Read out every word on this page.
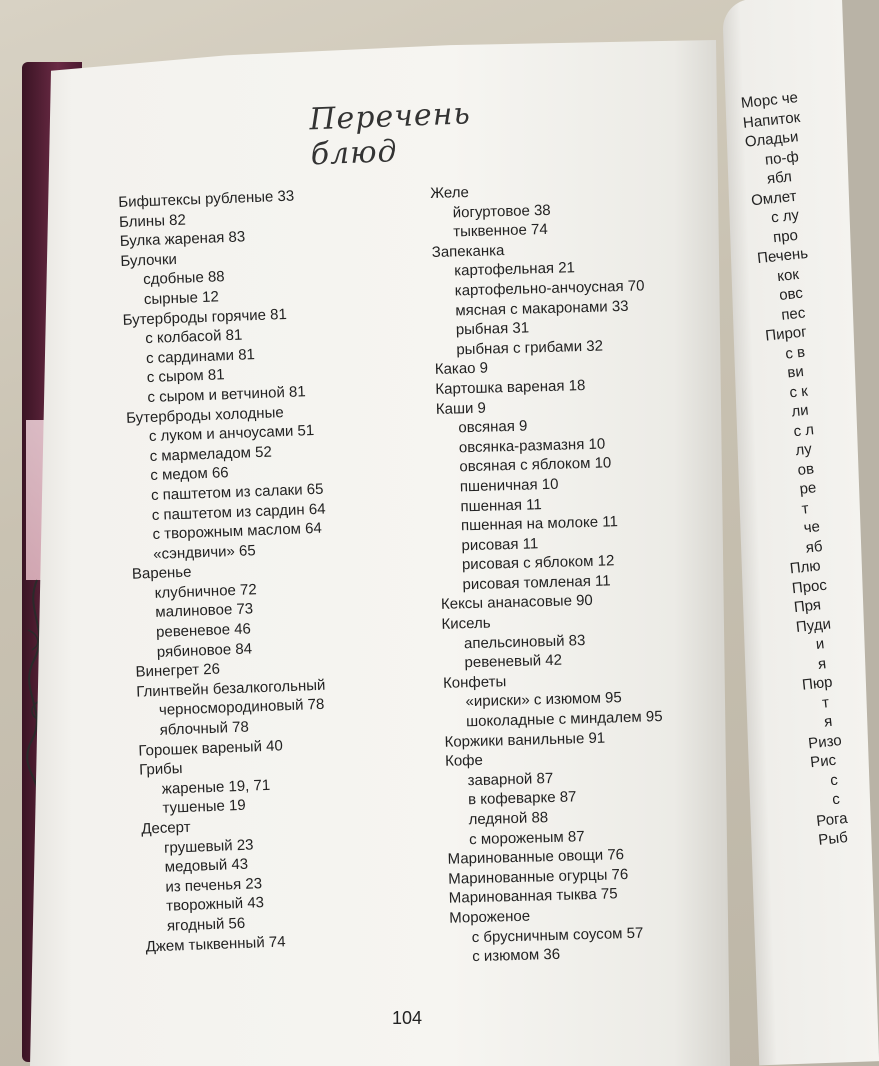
Перечень блюд
Бифштексы рубленые 33
Блины 82
Булка жареная 83
Булочки
сдобные 88
сырные 12
Бутерброды горячие 81
с колбасой 81
с сардинами 81
с сыром 81
с сыром и ветчиной 81
Бутерброды холодные
с луком и анчоусами 51
с мармеладом 52
с медом 66
с паштетом из салаки 65
с паштетом из сардин 64
с творожным маслом 64
«сэндвичи» 65
Варенье
клубничное 72
малиновое 73
ревеневое 46
рябиновое 84
Винегрет 26
Глинтвейн безалкогольный
черносмородиновый 78
яблочный 78
Горошек вареный 40
Грибы
жареные 19, 71
тушеные 19
Десерт
грушевый 23
медовый 43
из печенья 23
творожный 43
ягодный 56
Джем тыквенный 74
Желе
йогуртовое 38
тыквенное 74
Запеканка
картофельная 21
картофельно-анчоусная 70
мясная с макаронами 33
рыбная 31
рыбная с грибами 32
Какао 9
Картошка вареная 18
Каши 9
овсяная 9
овсянка-размазня 10
овсяная с яблоком 10
пшеничная 10
пшенная 11
пшенная на молоке 11
рисовая 11
рисовая с яблоком 12
рисовая томленая 11
Кексы ананасовые 90
Кисель
апельсиновый 83
ревеневый 42
Конфеты
«ириски» с изюмом 95
шоколадные с миндалем 95
Коржики ванильные 91
Кофе
заварной 87
в кофеварке 87
ледяной 88
с мороженым 87
Маринованные овощи 76
Маринованные огурцы 76
Маринованная тыква 75
Мороженое
с брусничным соусом 57
с изюмом 36
Морс че
Напиток
Оладьи
по-ф
ябл
Омлет
с лу
про
Печень
кок
овс
пес
Пирог
с в
ви
с к
ли
с л
лу
ов
ре
т
че
яб
Плю
Прос
Пря
Пуди
и
я
Пюр
т
я
Ризо
Рис
с
с
Рога
Рыб
104
